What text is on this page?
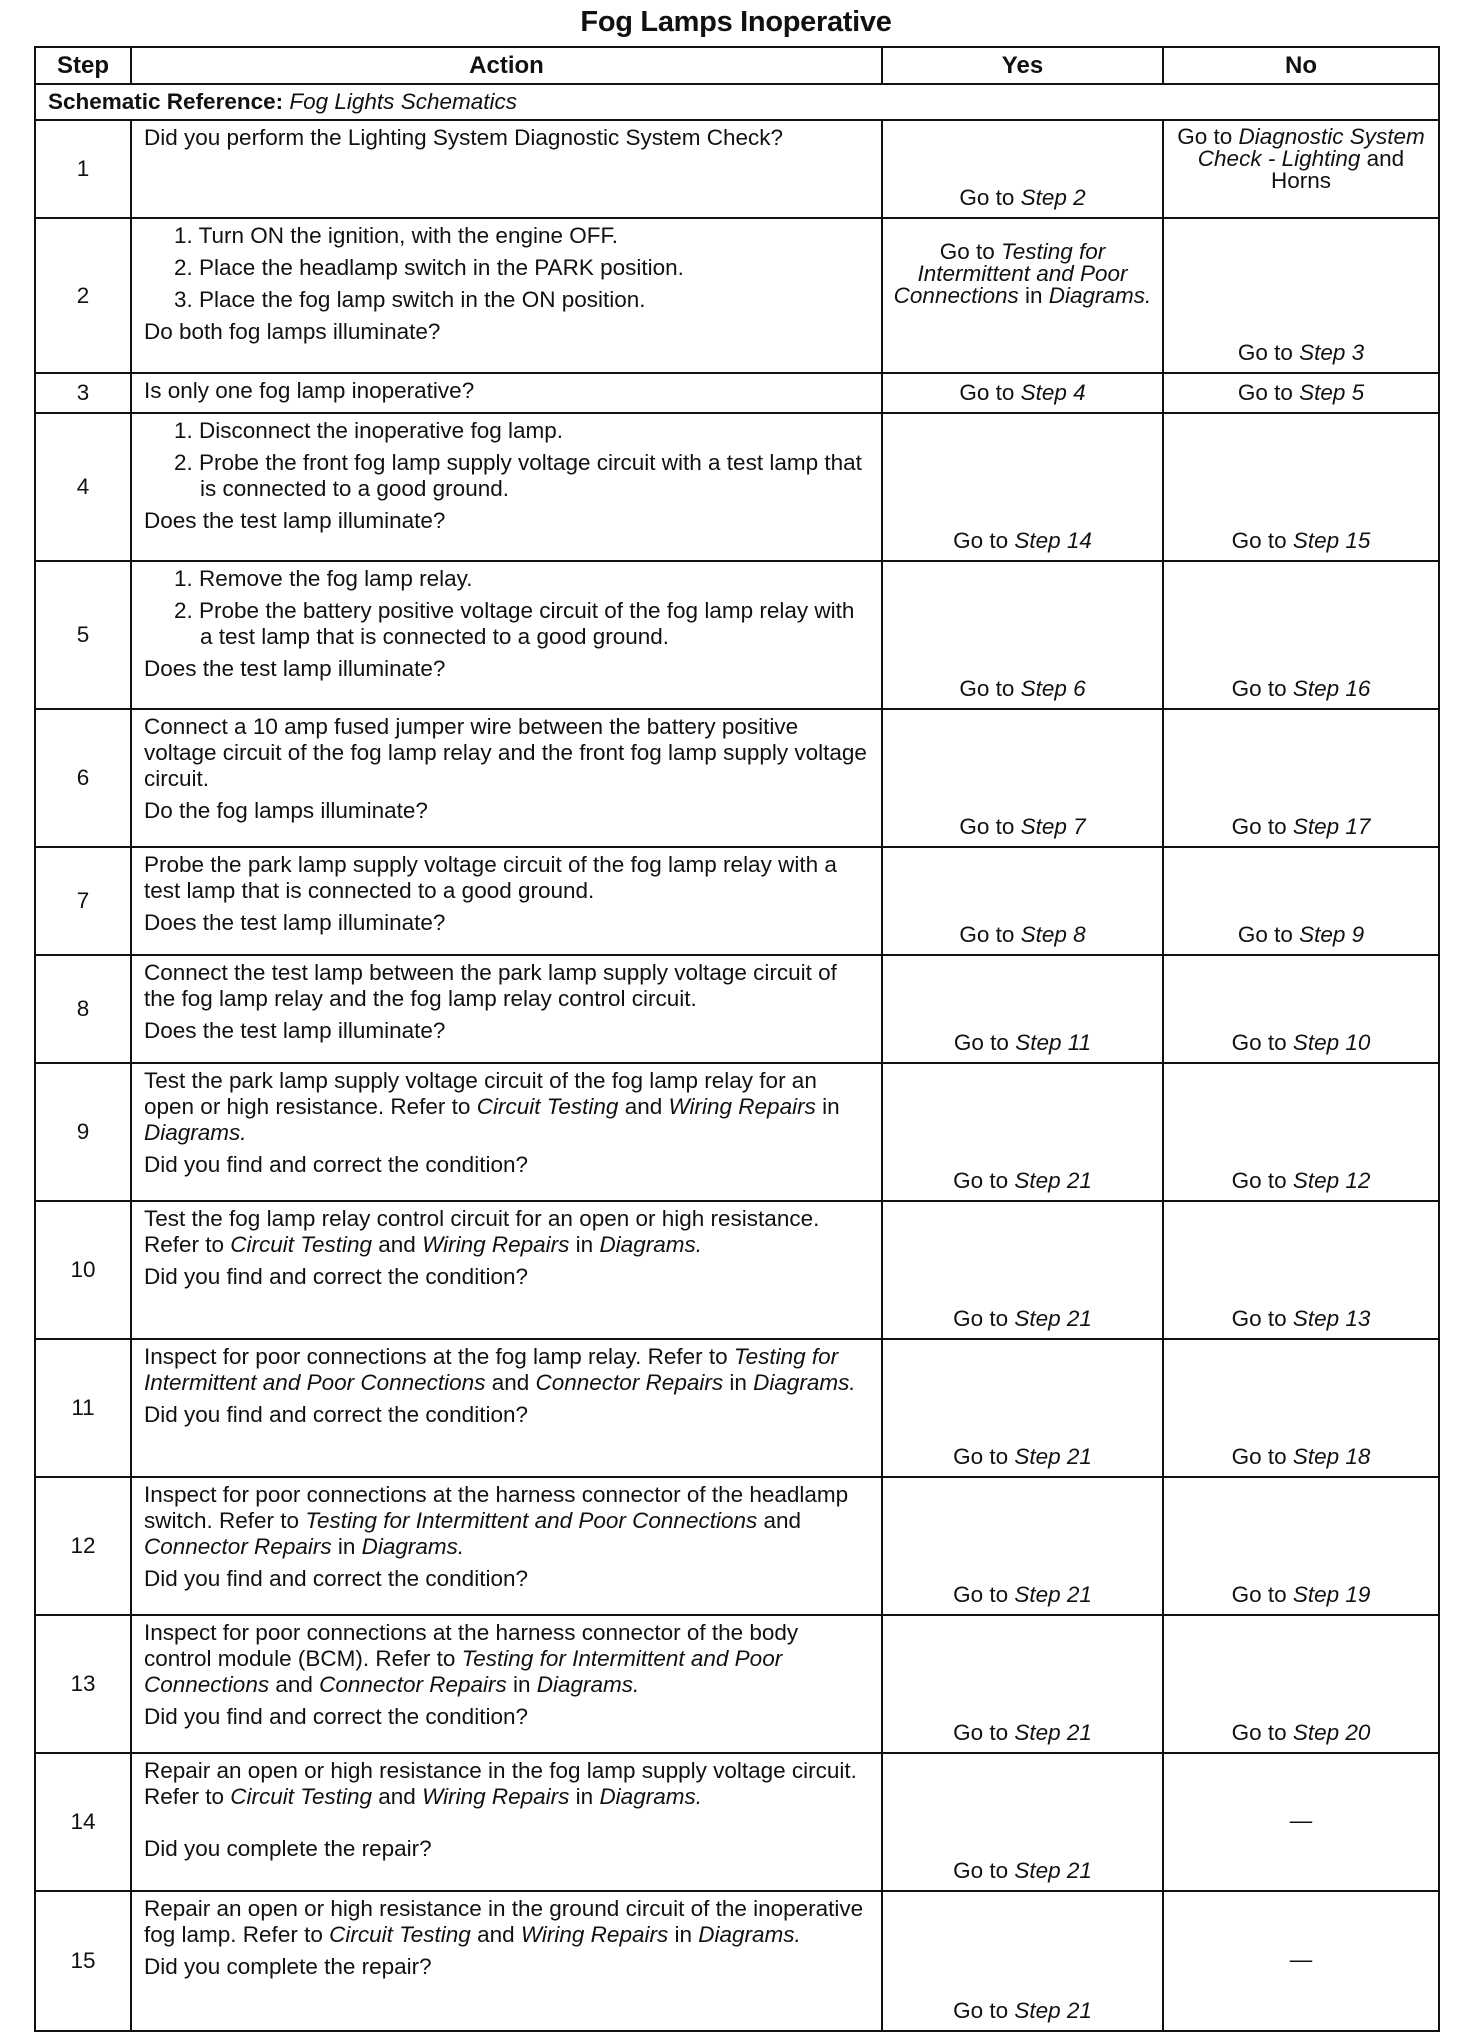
Fog Lamps Inoperative
Step	Action	Yes	No
Schematic Reference: Fog Lights Schematics			
1	Did you perform the Lighting System Diagnostic System Check?	Go to Step 2	Go to Diagnostic System Check - Lighting and Horns

2	1. Turn ON the ignition, with the engine OFF.
2. Place the headlamp switch in the PARK position.
3. Place the fog lamp switch in the ON position.
Do both fog lamps illuminate?	Go to Testing for Intermittent and Poor Connections in Diagrams.	Go to Step 3

3	Is only one fog lamp inoperative?	Go to Step 4	Go to Step 5

4	1. Disconnect the inoperative fog lamp.
2. Probe the front fog lamp supply voltage circuit with a test lamp that is connected to a good ground.
Does the test lamp illuminate?	Go to Step 14	Go to Step 15

5	1. Remove the fog lamp relay.
2. Probe the battery positive voltage circuit of the fog lamp relay with a test lamp that is connected to a good ground.
Does the test lamp illuminate?	Go to Step 6	Go to Step 16

6	Connect a 10 amp fused jumper wire between the battery positive voltage circuit of the fog lamp relay and the front fog lamp supply voltage circuit.
Do the fog lamps illuminate?	Go to Step 7	Go to Step 17

7	Probe the park lamp supply voltage circuit of the fog lamp relay with a test lamp that is connected to a good ground.
Does the test lamp illuminate?	Go to Step 8	Go to Step 9

8	Connect the test lamp between the park lamp supply voltage circuit of the fog lamp relay and the fog lamp relay control circuit.
Does the test lamp illuminate?	Go to Step 11	Go to Step 10

9	Test the park lamp supply voltage circuit of the fog lamp relay for an open or high resistance. Refer to Circuit Testing and Wiring Repairs in Diagrams.
Did you find and correct the condition?	Go to Step 21	Go to Step 12

10	Test the fog lamp relay control circuit for an open or high resistance. Refer to Circuit Testing and Wiring Repairs in Diagrams.
Did you find and correct the condition?	Go to Step 21	Go to Step 13

11	Inspect for poor connections at the fog lamp relay. Refer to Testing for Intermittent and Poor Connections and Connector Repairs in Diagrams.
Did you find and correct the condition?	Go to Step 21	Go to Step 18

12	Inspect for poor connections at the harness connector of the headlamp switch. Refer to Testing for Intermittent and Poor Connections and Connector Repairs in Diagrams.
Did you find and correct the condition?	Go to Step 21	Go to Step 19

13	Inspect for poor connections at the harness connector of the body control module (BCM). Refer to Testing for Intermittent and Poor Connections and Connector Repairs in Diagrams.
Did you find and correct the condition?	Go to Step 21	Go to Step 20

14	Repair an open or high resistance in the fog lamp supply voltage circuit. Refer to Circuit Testing and Wiring Repairs in Diagrams.
Did you complete the repair?	Go to Step 21	—

15	Repair an open or high resistance in the ground circuit of the inoperative fog lamp. Refer to Circuit Testing and Wiring Repairs in Diagrams.
Did you complete the repair?	Go to Step 21	—
